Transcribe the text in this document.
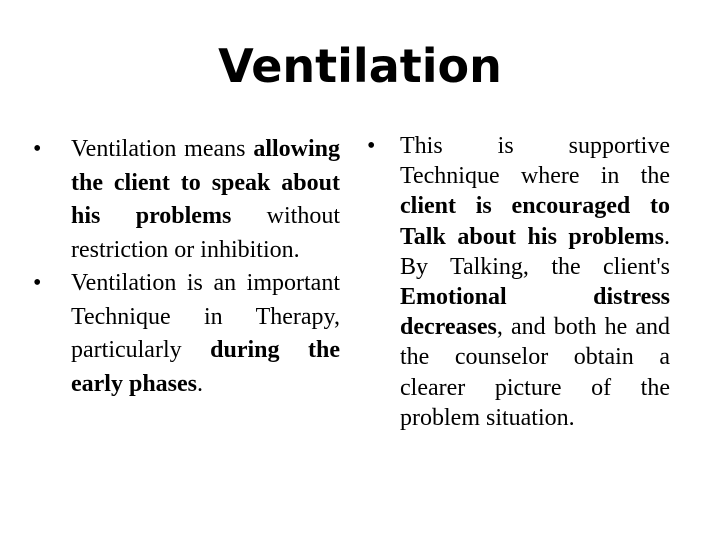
Ventilation
• Ventilation means allowing the client to speak about his problems without restriction or inhibition.
• Ventilation is an important Technique in Therapy, particularly during the early phases.
• This is supportive Technique where in the client is encouraged to Talk about his problems. By Talking, the client's Emotional distress decreases, and both he and the counselor obtain a clearer picture of the problem situation.
